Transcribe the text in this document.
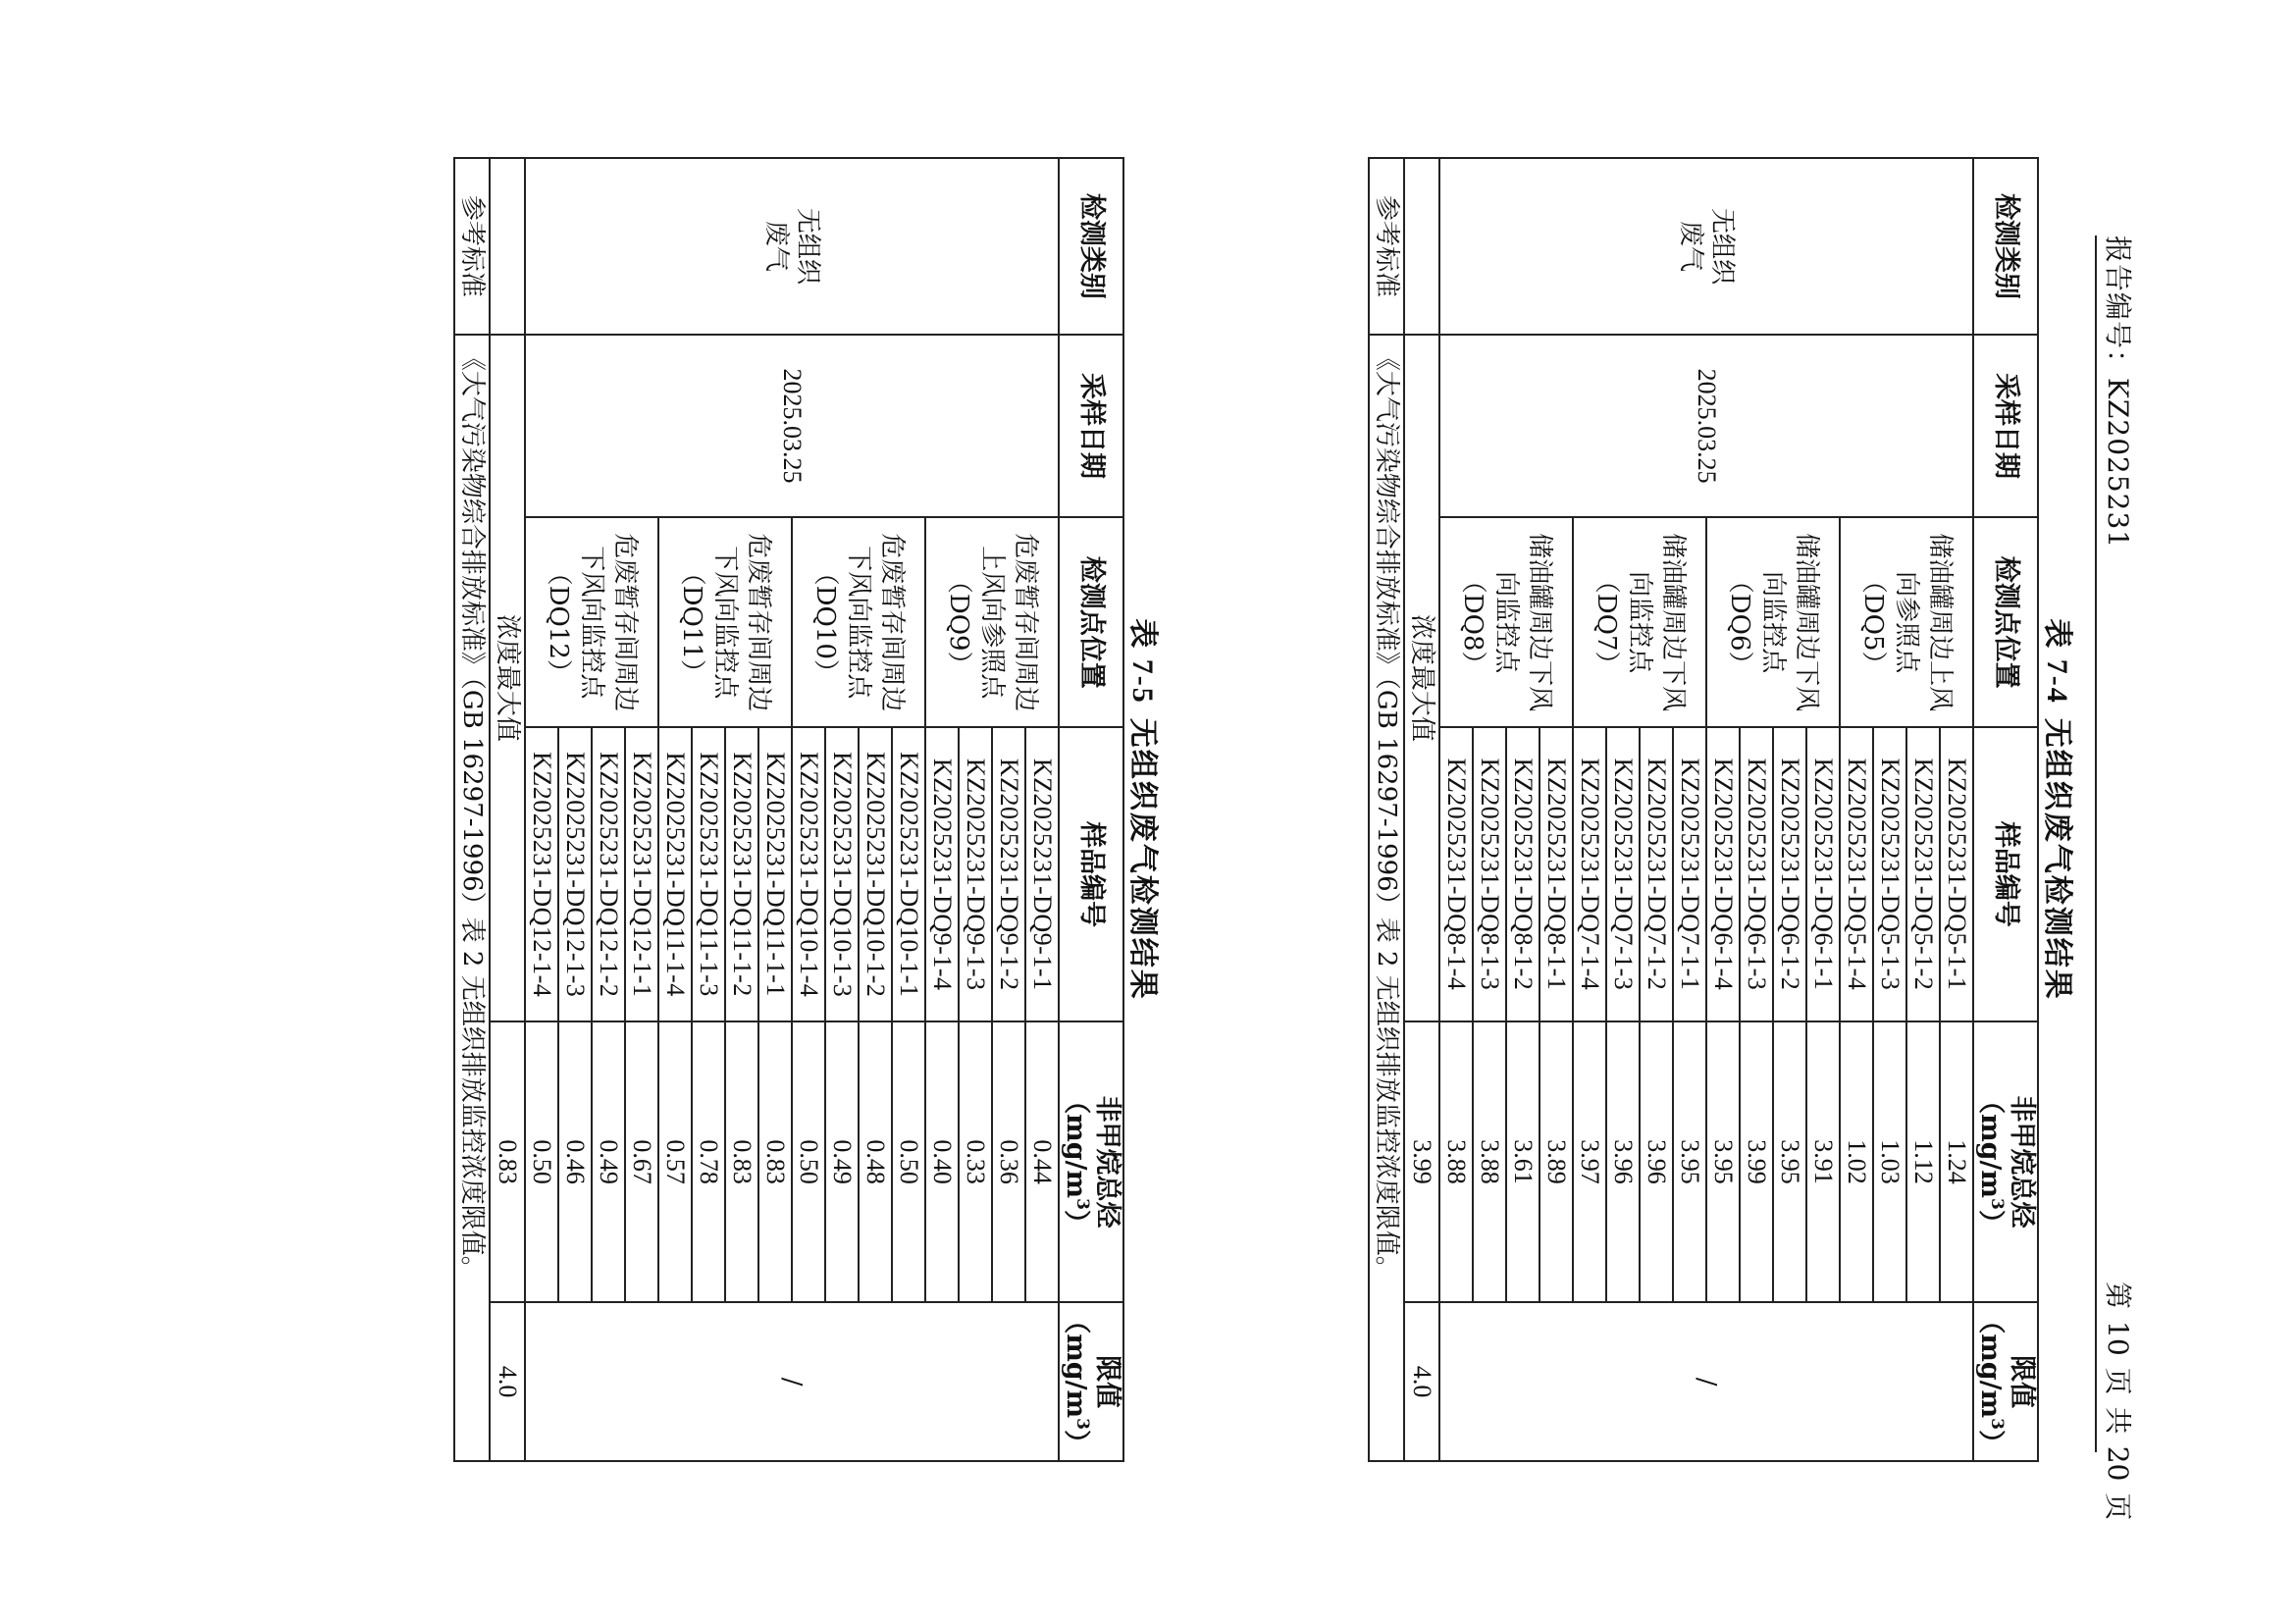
报告编号：KZ2025231
第10页共20页
表 7-4无组织废气检测结果
检测类别	采样日期	检测点位置	样品编号	非甲烷总烃$(mg/m^3)$	限值$(mg/m^3)$
无组织废气	2025.03.25	储油罐周边上风向参照点（DQ5）	KZ2025231-DQ5-1-1	1.24	/
			KZ2025231-DQ5-1-2	1.12	
			KZ2025231-DQ5-1-3	1.03	
			KZ2025231-DQ5-1-4	1.02	
		储油罐周边下风向监控点（DQ6）	KZ2025231-DQ6-1-1	3.91	
			KZ2025231-DQ6-1-2	3.95	
			KZ2025231-DQ6-1-3	3.99	
			KZ2025231-DQ6-1-4	3.95	
		储油罐周边下风向监控点（DQ7）	KZ2025231-DQ7-1-1	3.95	
			KZ2025231-DQ7-1-2	3.96	
			KZ2025231-DQ7-1-3	3.96	
			KZ2025231-DQ7-1-4	3.97	
		储油罐周边下风向监控点（DQ8）	KZ2025231-DQ8-1-1	3.89	
			KZ2025231-DQ8-1-2	3.61	
			KZ2025231-DQ8-1-3	3.88	
			KZ2025231-DQ8-1-4	3.88	
	浓度最大值			3.99	4.0
参考标准	《大气污染物综合排放标准》（GB 16297-1996）表 2 无组织排放监控浓度限值。				
表 7-5无组织废气检测结果
检测类别	采样日期	检测点位置	样品编号	非甲烷总烃$(mg/m^3)$	限值$(mg/m^3)$
无组织废气	2025.03.25	危废暂存间周边上风向参照点（DQ9）	KZ2025231-DQ9-1-1	0.44	/
			KZ2025231-DQ9-1-2	0.36	
			KZ2025231-DQ9-1-3	0.33	
			KZ2025231-DQ9-1-4	0.40	
		危废暂存间周边下风向监控点（DQ10）	KZ2025231-DQ10-1-1	0.50	
			KZ2025231-DQ10-1-2	0.48	
			KZ2025231-DQ10-1-3	0.49	
			KZ2025231-DQ10-1-4	0.50	
		危废暂存间周边下风向监控点（DQ11）	KZ2025231-DQ11-1-1	0.83	
			KZ2025231-DQ11-1-2	0.83	
			KZ2025231-DQ11-1-3	0.78	
			KZ2025231-DQ11-1-4	0.57	
		危废暂存间周边下风向监控点（DQ12）	KZ2025231-DQ12-1-1	0.67	
			KZ2025231-DQ12-1-2	0.49	
			KZ2025231-DQ12-1-3	0.46	
			KZ2025231-DQ12-1-4	0.50	
	浓度最大值			0.83	4.0
参考标准	《大气污染物综合排放标准》（GB 16297-1996）表 2 无组织排放监控浓度限值。				
